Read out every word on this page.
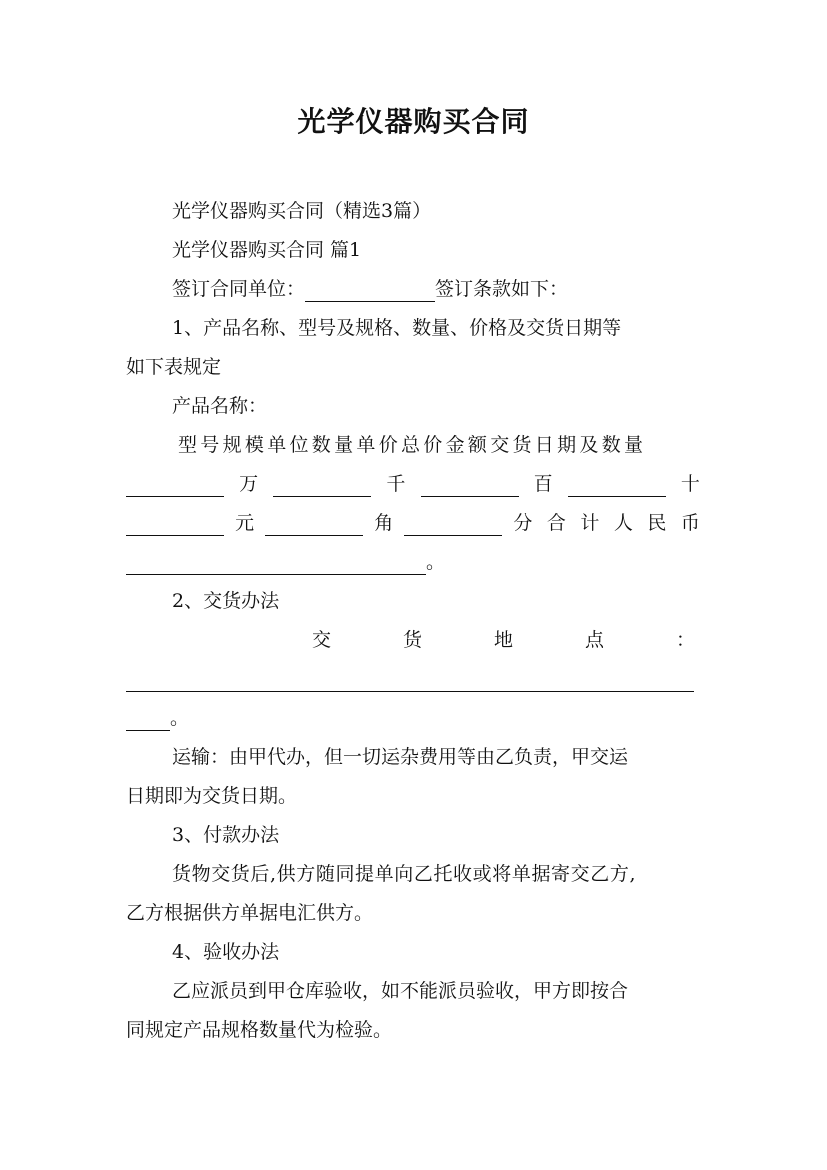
光学仪器购买合同
光学仪器购买合同（精选3篇）
光学仪器购买合同 篇1
签订合同单位：	签订条款如下：
1、产品名称、型号及规格、数量、价格及交货日期等
如下表规定
产品名称：
型号规模单位数量单价总价金额交货日期及数量
万	千	百	十
元	角	分合计人民币
。
2、交货办法
交货地点：
。
运输：由甲代办，但一切运杂费用等由乙负责，甲交运
日期即为交货日期。
3、付款办法
货物交货后,供方随同提单向乙托收或将单据寄交乙方,
乙方根据供方单据电汇供方。
4、验收办法
乙应派员到甲仓库验收，如不能派员验收，甲方即按合
同规定产品规格数量代为检验。
